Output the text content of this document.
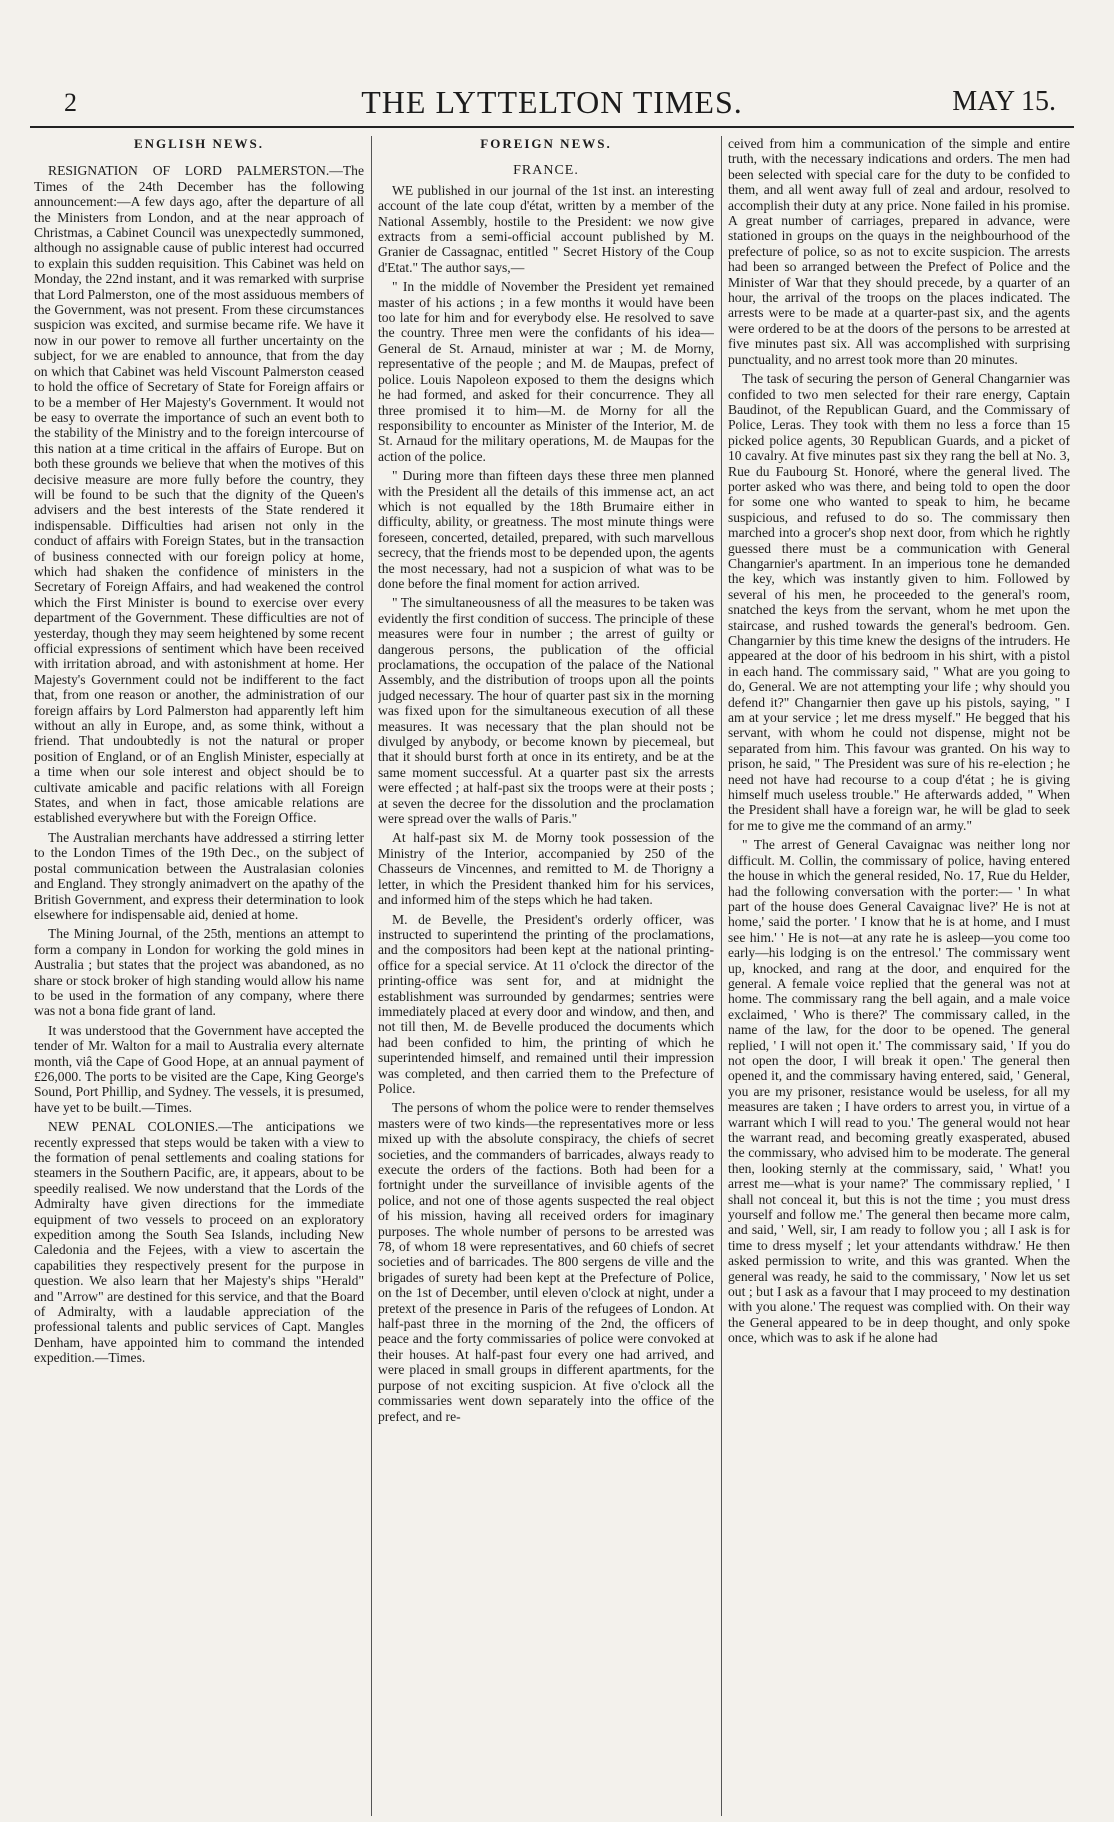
2	THE LYTTELTON TIMES.	MAY 15.
ENGLISH NEWS.

RESIGNATION OF LORD PALMERSTON.—The Times of the 24th December has the following announcement:—A few days ago, after the departure of all the Ministers from London, and at the near approach of Christmas, a Cabinet Council was unexpectedly summoned, although no assignable cause of public interest had occurred to explain this sudden requisition. This Cabinet was held on Monday, the 22nd instant, and it was remarked with surprise that Lord Palmerston, one of the most assiduous members of the Government, was not present. From these circumstances suspicion was excited, and surmise became rife. We have it now in our power to remove all further uncertainty on the subject, for we are enabled to announce, that from the day on which that Cabinet was held Viscount Palmerston ceased to hold the office of Secretary of State for Foreign affairs or to be a member of Her Majesty's Government. It would not be easy to overrate the importance of such an event both to the stability of the Ministry and to the foreign intercourse of this nation at a time critical in the affairs of Europe. But on both these grounds we believe that when the motives of this decisive measure are more fully before the country, they will be found to be such that the dignity of the Queen's advisers and the best interests of the State rendered it indispensable. Difficulties had arisen not only in the conduct of affairs with Foreign States, but in the transaction of business connected with our foreign policy at home, which had shaken the confidence of ministers in the Secretary of Foreign Affairs, and had weakened the control which the First Minister is bound to exercise over every department of the Government. These difficulties are not of yesterday, though they may seem heightened by some recent official expressions of sentiment which have been received with irritation abroad, and with astonishment at home. Her Majesty's Government could not be indifferent to the fact that, from one reason or another, the administration of our foreign affairs by Lord Palmerston had apparently left him without an ally in Europe, and, as some think, without a friend. That undoubtedly is not the natural or proper position of England, or of an English Minister, especially at a time when our sole interest and object should be to cultivate amicable and pacific relations with all Foreign States, and when in fact, those amicable relations are established everywhere but with the Foreign Office.

The Australian merchants have addressed a stirring letter to the London Times of the 19th Dec., on the subject of postal communication between the Australasian colonies and England. They strongly animadvert on the apathy of the British Government, and express their determination to look elsewhere for indispensable aid, denied at home.

The Mining Journal, of the 25th, mentions an attempt to form a company in London for working the gold mines in Australia ; but states that the project was abandoned, as no share or stock broker of high standing would allow his name to be used in the formation of any company, where there was not a bona fide grant of land.

It was understood that the Government have accepted the tender of Mr. Walton for a mail to Australia every alternate month, viâ the Cape of Good Hope, at an annual payment of £26,000. The ports to be visited are the Cape, King George's Sound, Port Phillip, and Sydney. The vessels, it is presumed, have yet to be built.—Times.

NEW PENAL COLONIES.—The anticipations we recently expressed that steps would be taken with a view to the formation of penal settlements and coaling stations for steamers in the Southern Pacific, are, it appears, about to be speedily realised. We now understand that the Lords of the Admiralty have given directions for the immediate equipment of two vessels to proceed on an exploratory expedition among the South Sea Islands, including New Caledonia and the Fejees, with a view to ascertain the capabilities they respectively present for the purpose in question. We also learn that her Majesty's ships "Herald" and "Arrow" are destined for this service, and that the Board of Admiralty, with a laudable appreciation of the professional talents and public services of Capt. Mangles Denham, have appointed him to command the intended expedition.—Times.

FOREIGN NEWS.
FRANCE.

WE published in our journal of the 1st inst. an interesting account of the late coup d'état, written by a member of the National Assembly, hostile to the President: we now give extracts from a semi-official account published by M. Granier de Cassagnac, entitled " Secret History of the Coup d'Etat." The author says,—

" In the middle of November the President yet remained master of his actions ; in a few months it would have been too late for him and for everybody else. He resolved to save the country. Three men were the confidants of his idea—General de St. Arnaud, minister at war ; M. de Morny, representative of the people ; and M. de Maupas, prefect of police. Louis Napoleon exposed to them the designs which he had formed, and asked for their concurrence. They all three promised it to him—M. de Morny for all the responsibility to encounter as Minister of the Interior, M. de St. Arnaud for the military operations, M. de Maupas for the action of the police.

" During more than fifteen days these three men planned with the President all the details of this immense act, an act which is not equalled by the 18th Brumaire either in difficulty, ability, or greatness. The most minute things were foreseen, concerted, detailed, prepared, with such marvellous secrecy, that the friends most to be depended upon, the agents the most necessary, had not a suspicion of what was to be done before the final moment for action arrived.

" The simultaneousness of all the measures to be taken was evidently the first condition of success. The principle of these measures were four in number ; the arrest of guilty or dangerous persons, the publication of the official proclamations, the occupation of the palace of the National Assembly, and the distribution of troops upon all the points judged necessary. The hour of quarter past six in the morning was fixed upon for the simultaneous execution of all these measures. It was necessary that the plan should not be divulged by anybody, or become known by piecemeal, but that it should burst forth at once in its entirety, and be at the same moment successful. At a quarter past six the arrests were effected ; at half-past six the troops were at their posts ; at seven the decree for the dissolution and the proclamation were spread over the walls of Paris."

At half-past six M. de Morny took possession of the Ministry of the Interior, accompanied by 250 of the Chasseurs de Vincennes, and remitted to M. de Thorigny a letter, in which the President thanked him for his services, and informed him of the steps which he had taken.

M. de Bevelle, the President's orderly officer, was instructed to superintend the printing of the proclamations, and the compositors had been kept at the national printing-office for a special service. At 11 o'clock the director of the printing-office was sent for, and at midnight the establishment was surrounded by gendarmes; sentries were immediately placed at every door and window, and then, and not till then, M. de Bevelle produced the documents which had been confided to him, the printing of which he superintended himself, and remained until their impression was completed, and then carried them to the Prefecture of Police.

The persons of whom the police were to render themselves masters were of two kinds—the representatives more or less mixed up with the absolute conspiracy, the chiefs of secret societies, and the commanders of barricades, always ready to execute the orders of the factions. Both had been for a fortnight under the surveillance of invisible agents of the police, and not one of those agents suspected the real object of his mission, having all received orders for imaginary purposes. The whole number of persons to be arrested was 78, of whom 18 were representatives, and 60 chiefs of secret societies and of barricades. The 800 sergens de ville and the brigades of surety had been kept at the Prefecture of Police, on the 1st of December, until eleven o'clock at night, under a pretext of the presence in Paris of the refugees of London. At half-past three in the morning of the 2nd, the officers of peace and the forty commissaries of police were convoked at their houses. At half-past four every one had arrived, and were placed in small groups in different apartments, for the purpose of not exciting suspicion. At five o'clock all the commissaries went down separately into the office of the prefect, and re-

ceived from him a communication of the simple and entire truth, with the necessary indications and orders. The men had been selected with special care for the duty to be confided to them, and all went away full of zeal and ardour, resolved to accomplish their duty at any price. None failed in his promise. A great number of carriages, prepared in advance, were stationed in groups on the quays in the neighbourhood of the prefecture of police, so as not to excite suspicion. The arrests had been so arranged between the Prefect of Police and the Minister of War that they should precede, by a quarter of an hour, the arrival of the troops on the places indicated. The arrests were to be made at a quarter-past six, and the agents were ordered to be at the doors of the persons to be arrested at five minutes past six. All was accomplished with surprising punctuality, and no arrest took more than 20 minutes.

The task of securing the person of General Changarnier was confided to two men selected for their rare energy, Captain Baudinot, of the Republican Guard, and the Commissary of Police, Leras. They took with them no less a force than 15 picked police agents, 30 Republican Guards, and a picket of 10 cavalry. At five minutes past six they rang the bell at No. 3, Rue du Faubourg St. Honoré, where the general lived. The porter asked who was there, and being told to open the door for some one who wanted to speak to him, he became suspicious, and refused to do so. The commissary then marched into a grocer's shop next door, from which he rightly guessed there must be a communication with General Changarnier's apartment. In an imperious tone he demanded the key, which was instantly given to him. Followed by several of his men, he proceeded to the general's room, snatched the keys from the servant, whom he met upon the staircase, and rushed towards the general's bedroom. Gen. Changarnier by this time knew the designs of the intruders. He appeared at the door of his bedroom in his shirt, with a pistol in each hand. The commissary said, " What are you going to do, General. We are not attempting your life ; why should you defend it?" Changarnier then gave up his pistols, saying, " I am at your service ; let me dress myself." He begged that his servant, with whom he could not dispense, might not be separated from him. This favour was granted. On his way to prison, he said, " The President was sure of his re-election ; he need not have had recourse to a coup d'état ; he is giving himself much useless trouble." He afterwards added, " When the President shall have a foreign war, he will be glad to seek for me to give me the command of an army."

" The arrest of General Cavaignac was neither long nor difficult. M. Collin, the commissary of police, having entered the house in which the general resided, No. 17, Rue du Helder, had the following conversation with the porter:— ' In what part of the house does General Cavaignac live?' He is not at home,' said the porter. ' I know that he is at home, and I must see him.' ' He is not—at any rate he is asleep—you come too early—his lodging is on the entresol.' The commissary went up, knocked, and rang at the door, and enquired for the general. A female voice replied that the general was not at home. The commissary rang the bell again, and a male voice exclaimed, ' Who is there?' The commissary called, in the name of the law, for the door to be opened. The general replied, ' I will not open it.' The commissary said, ' If you do not open the door, I will break it open.' The general then opened it, and the commissary having entered, said, ' General, you are my prisoner, resistance would be useless, for all my measures are taken ; I have orders to arrest you, in virtue of a warrant which I will read to you.' The general would not hear the warrant read, and becoming greatly exasperated, abused the commissary, who advised him to be moderate. The general then, looking sternly at the commissary, said, ' What! you arrest me—what is your name?' The commissary replied, ' I shall not conceal it, but this is not the time ; you must dress yourself and follow me.' The general then became more calm, and said, ' Well, sir, I am ready to follow you ; all I ask is for time to dress myself ; let your attendants withdraw.' He then asked permission to write, and this was granted. When the general was ready, he said to the commissary, ' Now let us set out ; but I ask as a favour that I may proceed to my destination with you alone.' The request was complied with. On their way the General appeared to be in deep thought, and only spoke once, which was to ask if he alone had
